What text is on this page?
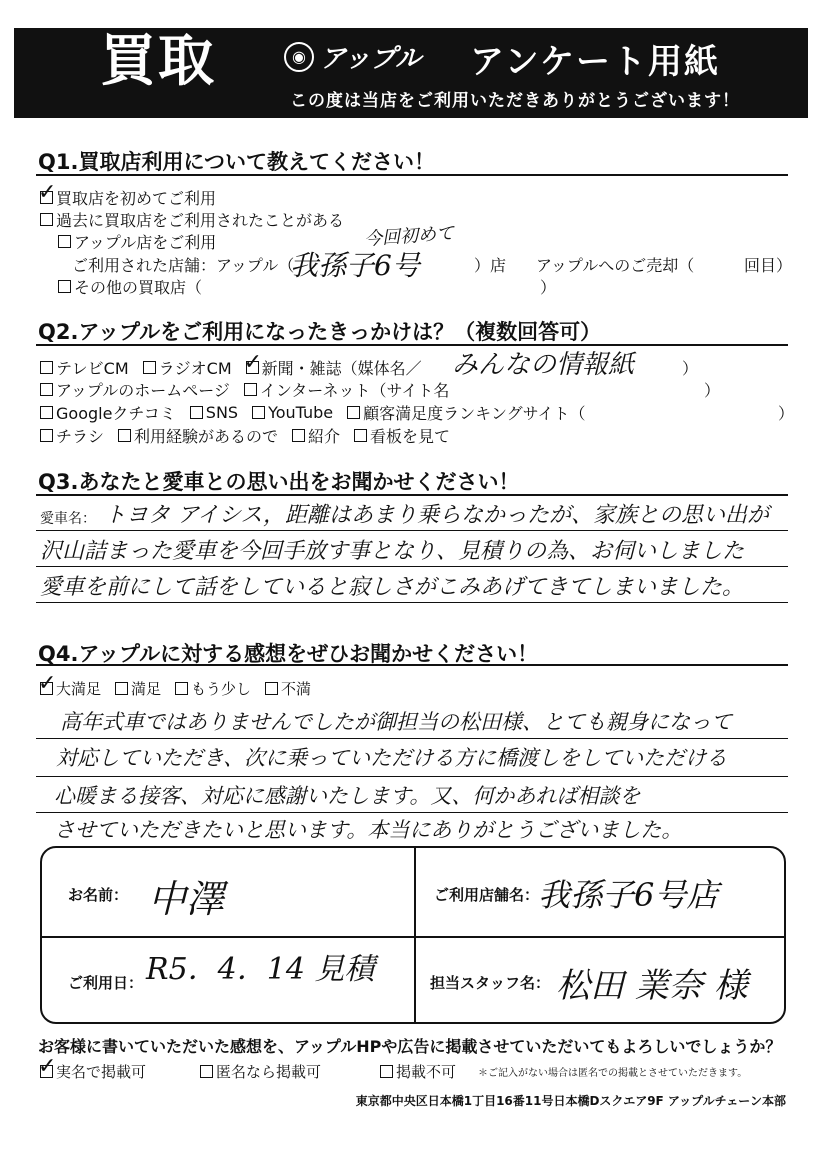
買取	◉ アップル アンケート用紙
この度は当店をご利用いただきありがとうございます！
Q1.買取店利用について教えてください！
✓
買取店を初めてご利用
過去に買取店をご利用されたことがある
アップル店をご利用
ご利用された店舗：アップル（
我孫子6号
今回初めて
）店 アップルへのご売却（	回目）
その他の買取店（	）
Q2.アップルをご利用になったきっかけは？（複数回答可）
テレビCM ラジオCM
✓ 新聞・雑誌（媒体名／ みんなの情報紙	）
アップルのホームページ インターネット（サイト名	）
Googleクチコミ SNS YouTube 顧客満足度ランキングサイト（	）
チラシ 利用経験があるので 紹介 看板を見て
Q3.あなたと愛車との思い出をお聞かせください！
愛車名： トヨタ アイシス，距離はあまり乗らなかったが、家族との思い出が
沢山詰まった愛車を今回手放す事となり、見積りの為、お伺いしました
愛車を前にして話をしていると寂しさがこみあげてきてしまいました。
Q4.アップルに対する感想をぜひお聞かせください！
✓
大満足 満足 もう少し 不満
高年式車ではありませんでしたが御担当の松田様、とても親身になって
対応していただき、次に乗っていただける方に橋渡しをしていただける
心暖まる接客、対応に感謝いたします。又、何かあれば相談を
させていただきたいと思います。本当にありがとうございました。
お名前： 中澤	ご利用店舗名：
我孫子6号店
ご利用日： R5．4．14 見積	担当スタッフ名： 松田 業奈 様
お客様に書いていただいた感想を、アップルHPや広告に掲載させていただいてもよろしいでしょうか？
✓
実名で掲載可	匿名なら掲載可	掲載不可 ＊ご記入がない場合は匿名での掲載とさせていただきます。
東京都中央区日本橋1丁目16番11号日本橋Dスクエア9F アップルチェーン本部
